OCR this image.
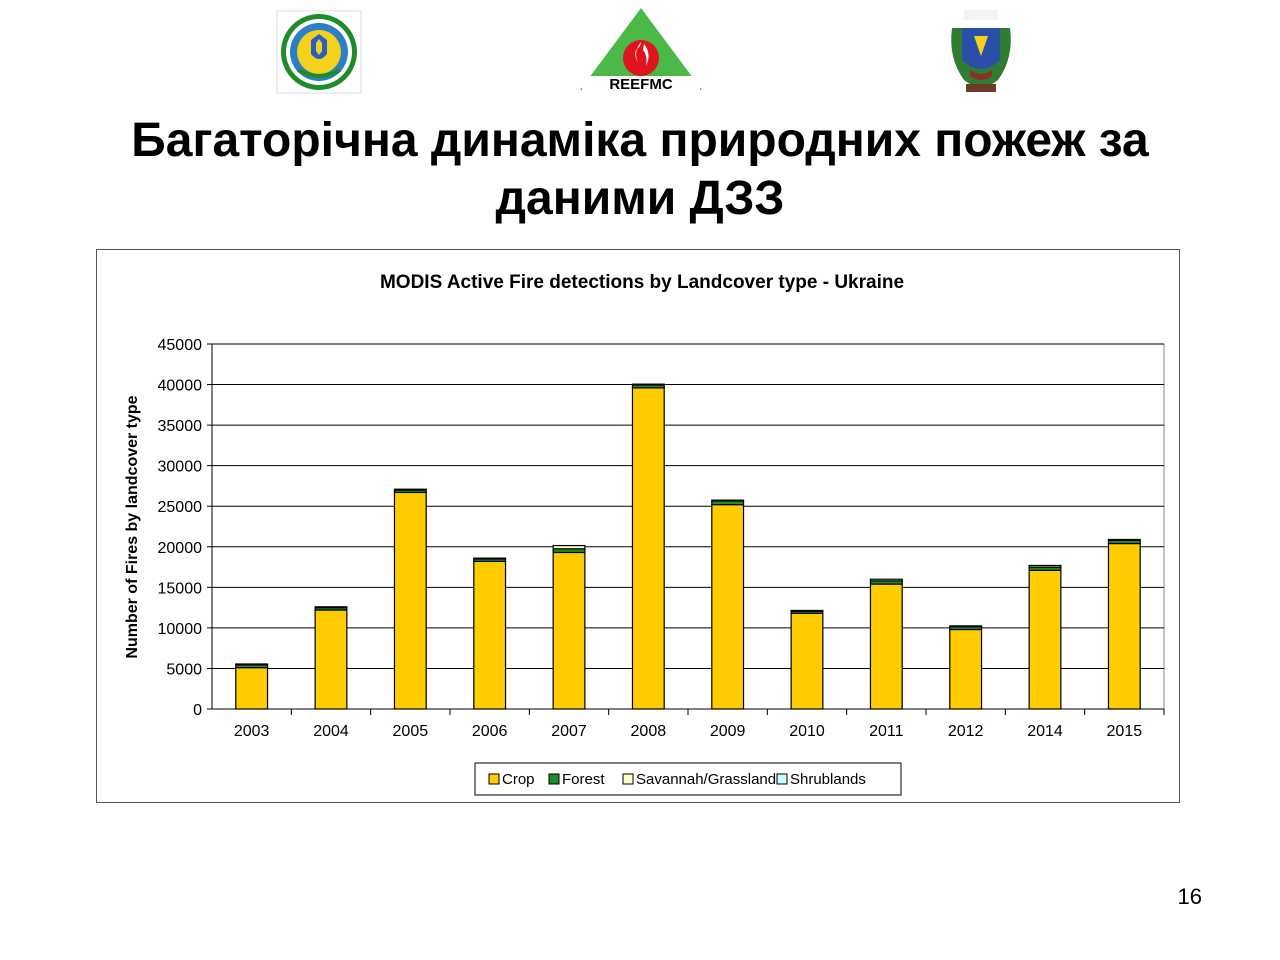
REEFMC
Багаторічна динаміка природних пожеж за
даними ДЗЗ
MODIS Active Fire detections by Landcover type - Ukraine
Number of Fires by landcover type
0
5000
10000
15000
20000
25000
30000
35000
40000
45000
2003	2004	2005	2006	2007	2008	2009	2010	2011	2012	2014	2015
Crop Forest Savannah/Grassland Shrublands
16
